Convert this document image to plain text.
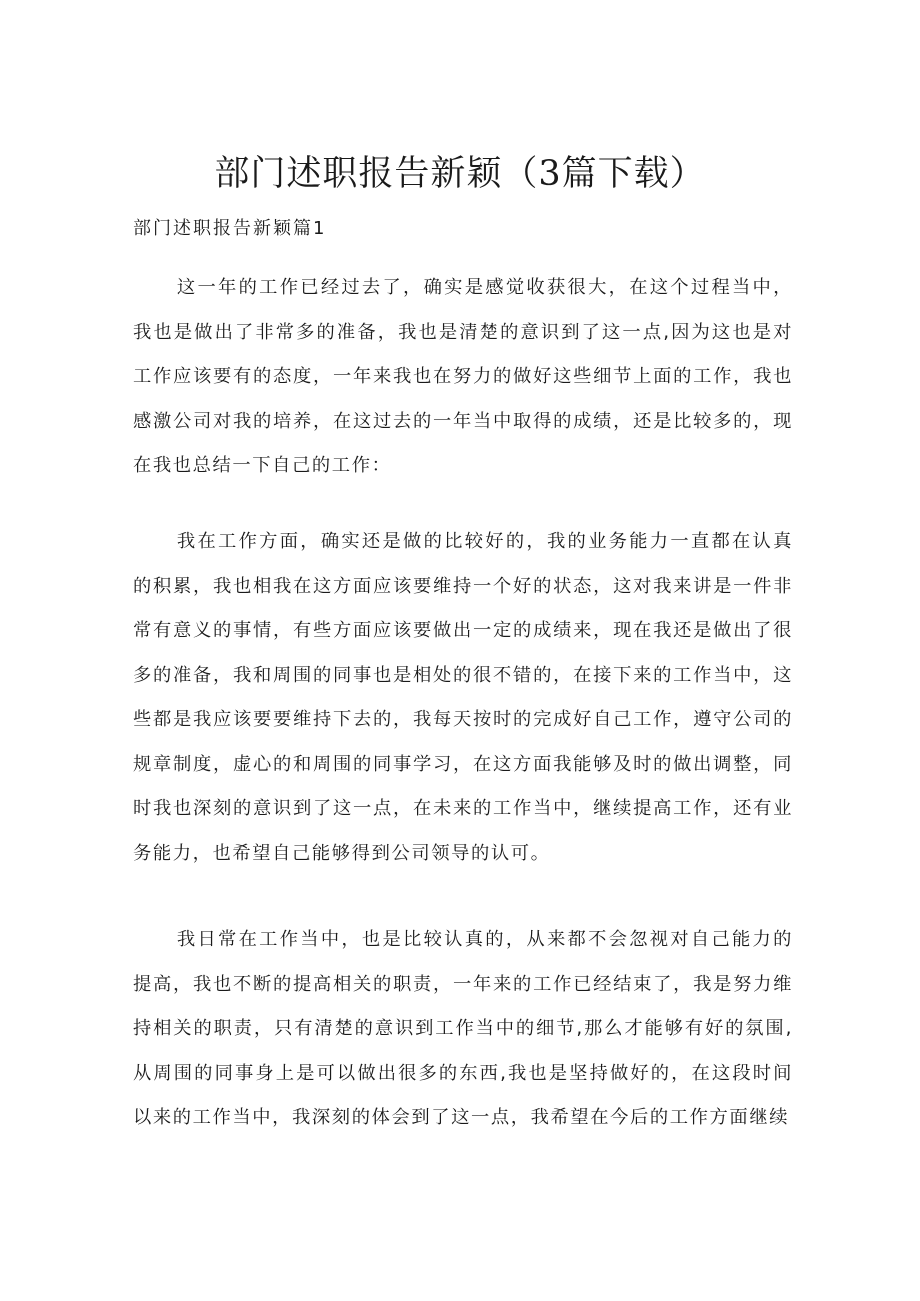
部门述职报告新颖（3篇下载）
部门述职报告新颖篇1

这一年的工作已经过去了，确实是感觉收获很大，在这个过程当中，我也是做出了非常多的准备，我也是清楚的意识到了这一点,因为这也是对工作应该要有的态度，一年来我也在努力的做好这些细节上面的工作，我也感激公司对我的培养，在这过去的一年当中取得的成绩，还是比较多的，现在我也总结一下自己的工作：

我在工作方面，确实还是做的比较好的，我的业务能力一直都在认真的积累，我也相我在这方面应该要维持一个好的状态，这对我来讲是一件非常有意义的事情，有些方面应该要做出一定的成绩来，现在我还是做出了很多的准备，我和周围的同事也是相处的很不错的，在接下来的工作当中，这些都是我应该要要维持下去的，我每天按时的完成好自己工作，遵守公司的规章制度，虚心的和周围的同事学习，在这方面我能够及时的做出调整，同时我也深刻的意识到了这一点，在未来的工作当中，继续提高工作，还有业务能力，也希望自己能够得到公司领导的认可。

我日常在工作当中，也是比较认真的，从来都不会忽视对自己能力的提高，我也不断的提高相关的职责，一年来的工作已经结束了，我是努力维持相关的职责，只有清楚的意识到工作当中的细节,那么才能够有好的氛围,从周围的同事身上是可以做出很多的东西,我也是坚持做好的，在这段时间以来的工作当中，我深刻的体会到了这一点，我希望在今后的工作方面继续
